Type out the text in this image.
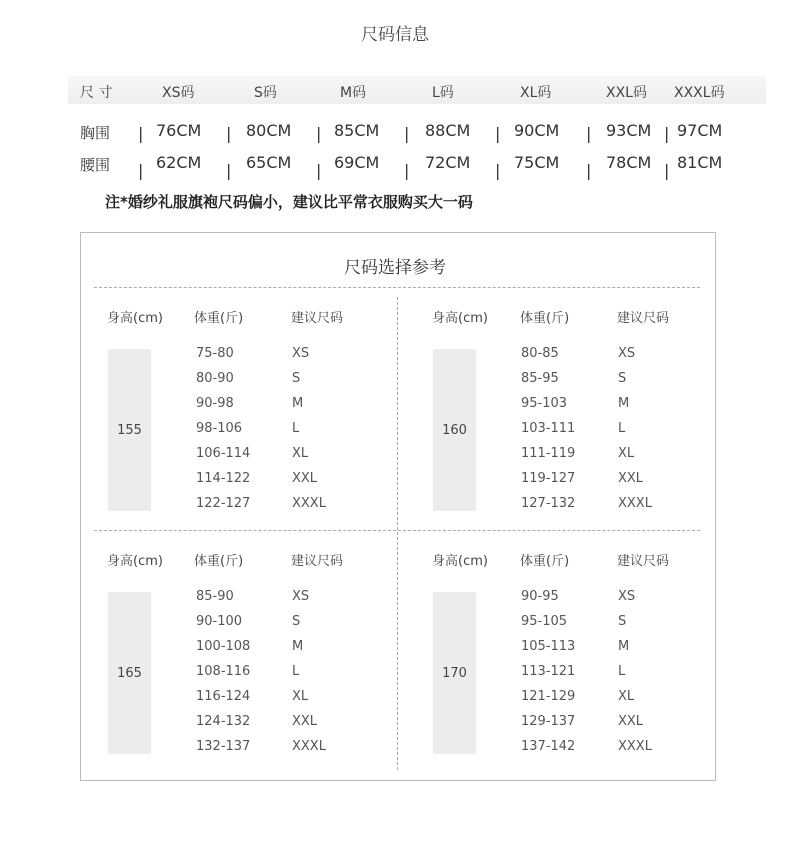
尺码信息
尺 寸	XS码	S码	M码	L码	XL码	XXL码 XXXL码
胸围 | 76CM | 80CM | 85CM | 88CM | 90CM | 93CM | 97CM
腰围 | 62CM | 65CM | 69CM | 72CM | 75CM | 78CM | 81CM
注*婚纱礼服旗袍尺码偏小，建议比平常衣服购买大一码
尺码选择参考
身高(cm) 体重(斤)	建议尺码
155
75-80	XS
80-90	S
90-98	M
98-106	L
106-114	XL
114-122	XXL
122-127	XXXL
身高(cm) 体重(斤)	建议尺码
160
80-85	XS
85-95	S
95-103	M
103-111	L
111-119	XL
119-127	XXL
127-132	XXXL
身高(cm) 体重(斤)	建议尺码
165
85-90	XS
90-100	S
100-108	M
108-116	L
116-124	XL
124-132	XXL
132-137	XXXL
身高(cm) 体重(斤)	建议尺码
170
90-95	XS
95-105	S
105-113	M
113-121	L
121-129	XL
129-137	XXL
137-142	XXXL
